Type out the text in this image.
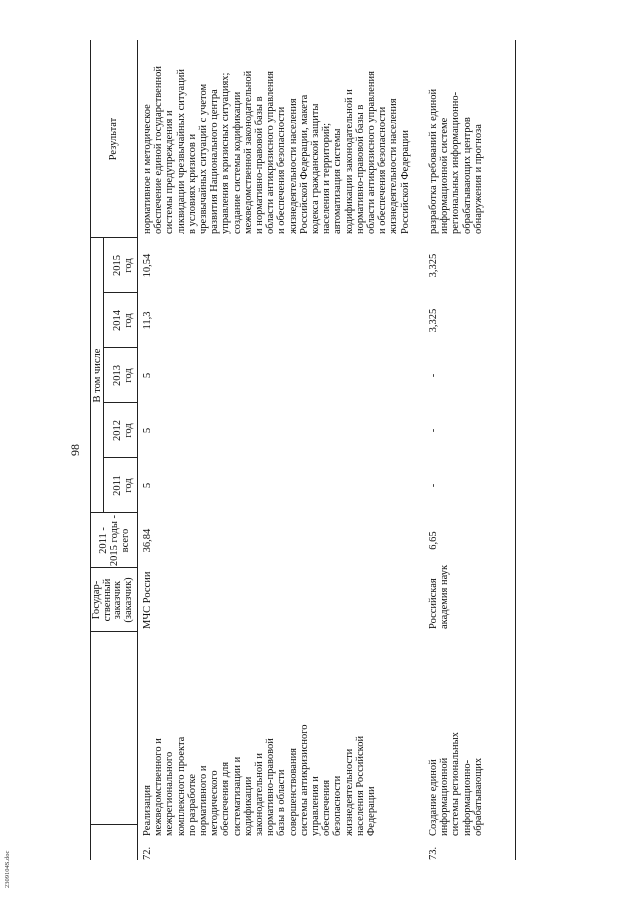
98
Государ- ственный заказчик (заказчик)
2011 - 2015 годы - всего
В том числе
2011 год
2012 год
2013 год
2014 год
2015 год
Результат
72.
Реализация межведомственного и межрегионального комплексного проекта по разработке нормативного и методического обеспечения для систематизации и кодификации законодательной и нормативно-правовой базы в области совершенствования системы антикризисного управления и обеспечения безопасности жизнедеятельности населения Российской Федерации
МЧС России
36,84
5
5
5
11,3
10,54
нормативное и методическое обеспечение единой государственной системы предупреждения и ликвидации чрезвычайных ситуаций в условиях кризисов и чрезвычайных ситуаций с учетом развития Национального центра управления в кризисных ситуациях; создание системы кодификации межведомственной законодательной и нормативно-правовой базы в области антикризисного управления и обеспечения безопасности жизнедеятельности населения Российской Федерации, макета кодекса гражданской защиты населения и территорий; автоматизация системы кодификации законодательной и нормативно-правовой базы в области антикризисного управления и обеспечения безопасности жизнедеятельности населения Российской Федерации
73.
Создание единой информационной системы региональных информационно- обрабатывающих
Российская академия наук
6,65
-
-
-
3,325
3,325
разработка требований к единой информационной системе региональных информационно- обрабатывающих центров обнаружения и прогноза
2309104S.doc
